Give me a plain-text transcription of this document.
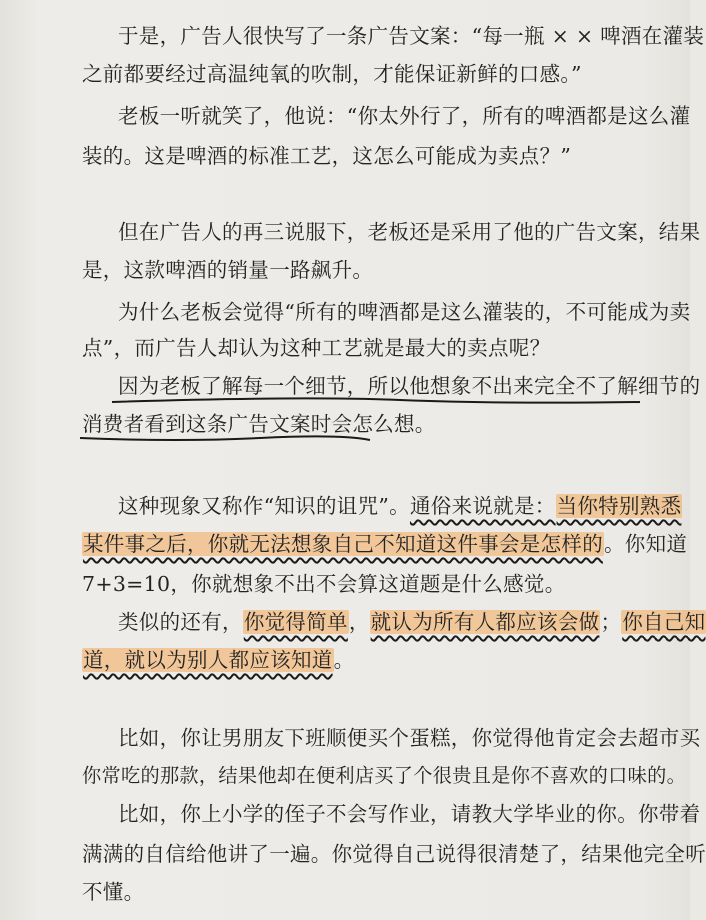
于是，广告人很快写了一条广告文案：“每一瓶 × × 啤酒在灌装
之前都要经过高温纯氧的吹制，才能保证新鲜的口感。”
老板一听就笑了，他说：“你太外行了，所有的啤酒都是这么灌
装的。这是啤酒的标准工艺，这怎么可能成为卖点？”
但在广告人的再三说服下，老板还是采用了他的广告文案，结果
是，这款啤酒的销量一路飙升。
为什么老板会觉得“所有的啤酒都是这么灌装的，不可能成为卖
点”，而广告人却认为这种工艺就是最大的卖点呢？
因为老板了解每一个细节，所以他想象不出来完全不了解细节的
消费者看到这条广告文案时会怎么想。
这种现象又称作“知识的诅咒”。通俗来说就是：当你特别熟悉
某件事之后，你就无法想象自己不知道这件事会是怎样的。你知道
7+3=10，你就想象不出不会算这道题是什么感觉。
类似的还有，你觉得简单，就认为所有人都应该会做；你自己知
道，就以为别人都应该知道。
比如，你让男朋友下班顺便买个蛋糕，你觉得他肯定会去超市买
你常吃的那款，结果他却在便利店买了个很贵且是你不喜欢的口味的。
比如，你上小学的侄子不会写作业，请教大学毕业的你。你带着
满满的自信给他讲了一遍。你觉得自己说得很清楚了，结果他完全听
不懂。
